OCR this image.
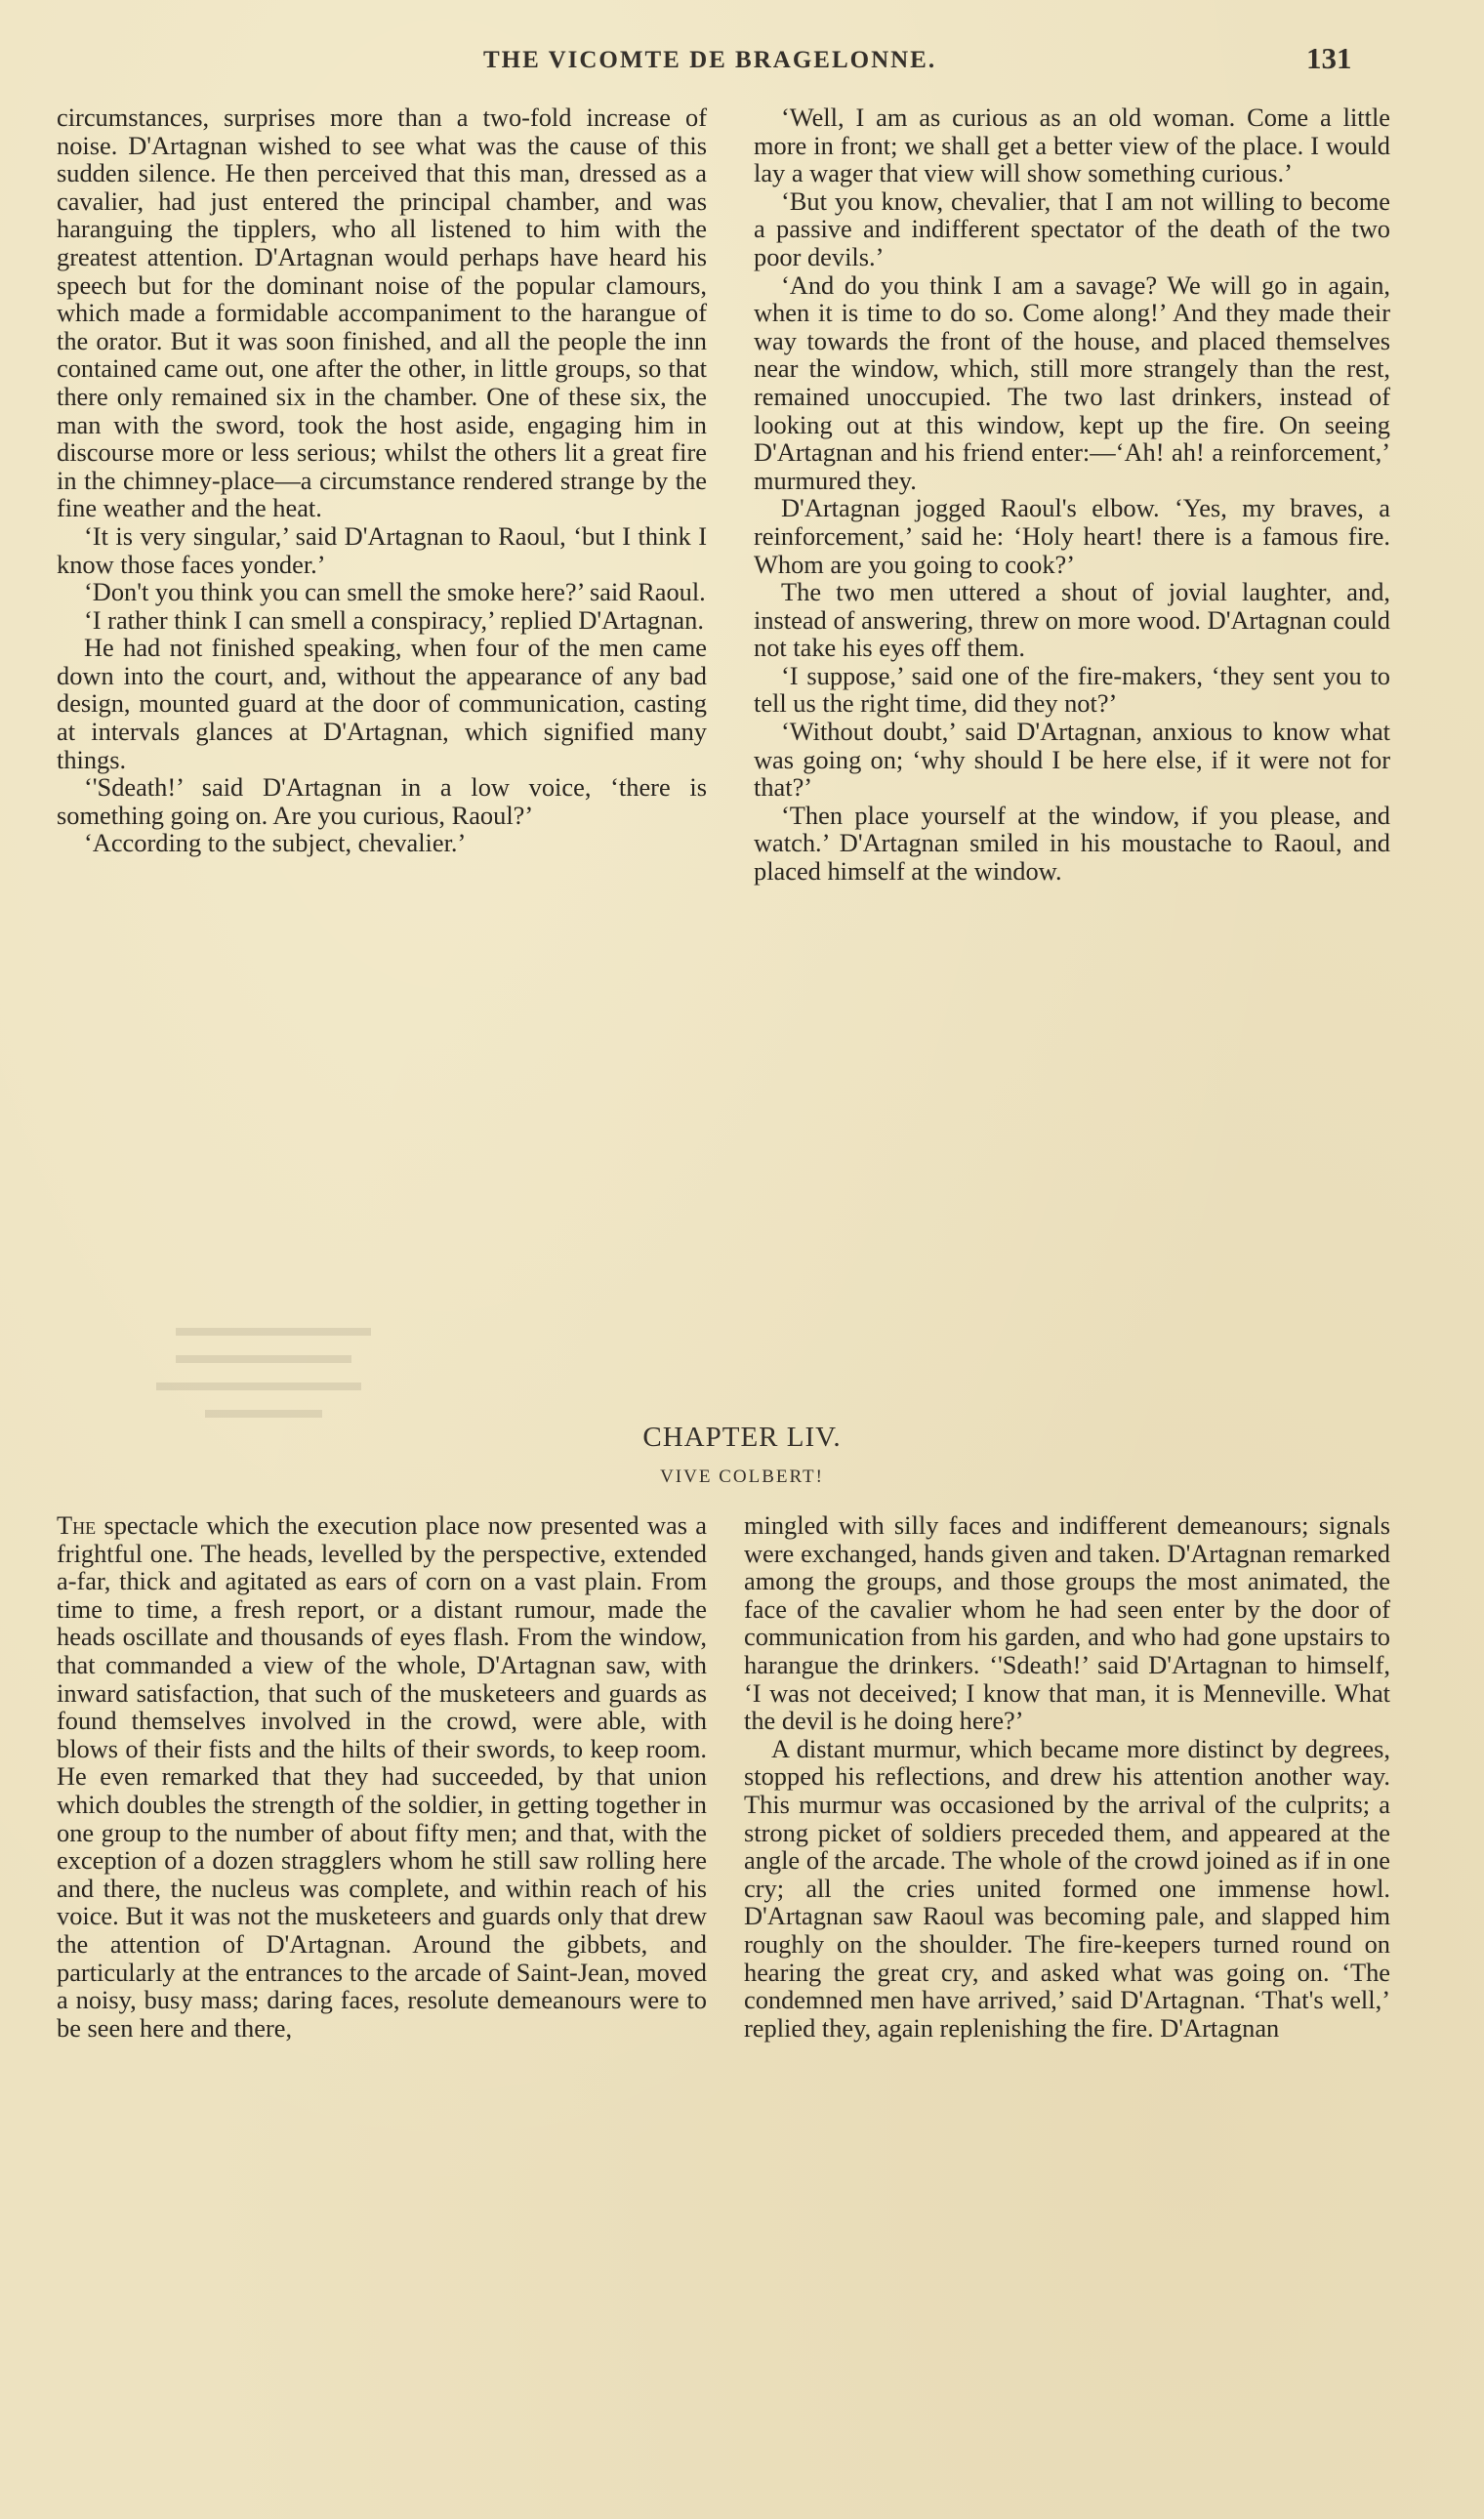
THE VICOMTE DE BRAGELONNE.	131

circumstances, surprises more than a two-fold increase of noise. D'Artagnan wished to see what was the cause of this sudden silence. He then perceived that this man, dressed as a cavalier, had just entered the principal chamber, and was haranguing the tipplers, who all listened to him with the greatest attention. D'Artagnan would perhaps have heard his speech but for the dominant noise of the popular clamours, which made a formidable accompaniment to the harangue of the orator. But it was soon finished, and all the people the inn contained came out, one after the other, in little groups, so that there only remained six in the chamber. One of these six, the man with the sword, took the host aside, engaging him in discourse more or less serious; whilst the others lit a great fire in the chimney-place—a circumstance rendered strange by the fine weather and the heat.

‘It is very singular,’ said D'Artagnan to Raoul, ‘but I think I know those faces yonder.’

‘Don't you think you can smell the smoke here?’ said Raoul.

‘I rather think I can smell a conspiracy,’ replied D'Artagnan.

He had not finished speaking, when four of the men came down into the court, and, without the appearance of any bad design, mounted guard at the door of communication, casting at intervals glances at D'Artagnan, which signified many things.

‘'Sdeath!’ said D'Artagnan in a low voice, ‘there is something going on. Are you curious, Raoul?’

‘According to the subject, chevalier.’

‘Well, I am as curious as an old woman. Come a little more in front; we shall get a better view of the place. I would lay a wager that view will show something curious.’

‘But you know, chevalier, that I am not willing to become a passive and indifferent spectator of the death of the two poor devils.’

‘And do you think I am a savage? We will go in again, when it is time to do so. Come along!’ And they made their way towards the front of the house, and placed themselves near the window, which, still more strangely than the rest, remained unoccupied. The two last drinkers, instead of looking out at this window, kept up the fire. On seeing D'Artagnan and his friend enter:—‘Ah! ah! a reinforcement,’ murmured they.

D'Artagnan jogged Raoul's elbow. ‘Yes, my braves, a reinforcement,’ said he: ‘Holy heart! there is a famous fire. Whom are you going to cook?’

The two men uttered a shout of jovial laughter, and, instead of answering, threw on more wood. D'Artagnan could not take his eyes off them.

‘I suppose,’ said one of the fire-makers, ‘they sent you to tell us the right time, did they not?’

‘Without doubt,’ said D'Artagnan, anxious to know what was going on; ‘why should I be here else, if it were not for that?’

‘Then place yourself at the window, if you please, and watch.’ D'Artagnan smiled in his moustache to Raoul, and placed himself at the window.

CHAPTER LIV.
VIVE COLBERT!

The spectacle which the execution place now presented was a frightful one. The heads, levelled by the perspective, extended a-far, thick and agitated as ears of corn on a vast plain. From time to time, a fresh report, or a distant rumour, made the heads oscillate and thousands of eyes flash. From the window, that commanded a view of the whole, D'Artagnan saw, with inward satisfaction, that such of the musketeers and guards as found themselves involved in the crowd, were able, with blows of their fists and the hilts of their swords, to keep room. He even remarked that they had succeeded, by that union which doubles the strength of the soldier, in getting together in one group to the number of about fifty men; and that, with the exception of a dozen stragglers whom he still saw rolling here and there, the nucleus was complete, and within reach of his voice. But it was not the musketeers and guards only that drew the attention of D'Artagnan. Around the gibbets, and particularly at the entrances to the arcade of Saint-Jean, moved a noisy, busy mass; daring faces, resolute demeanours were to be seen here and there,

mingled with silly faces and indifferent demeanours; signals were exchanged, hands given and taken. D'Artagnan remarked among the groups, and those groups the most animated, the face of the cavalier whom he had seen enter by the door of communication from his garden, and who had gone upstairs to harangue the drinkers. ‘'Sdeath!’ said D'Artagnan to himself, ‘I was not deceived; I know that man, it is Menneville. What the devil is he doing here?’

A distant murmur, which became more distinct by degrees, stopped his reflections, and drew his attention another way. This murmur was occasioned by the arrival of the culprits; a strong picket of soldiers preceded them, and appeared at the angle of the arcade. The whole of the crowd joined as if in one cry; all the cries united formed one immense howl. D'Artagnan saw Raoul was becoming pale, and slapped him roughly on the shoulder. The fire-keepers turned round on hearing the great cry, and asked what was going on. ‘The condemned men have arrived,’ said D'Artagnan. ‘That's well,’ replied they, again replenishing the fire. D'Artagnan
